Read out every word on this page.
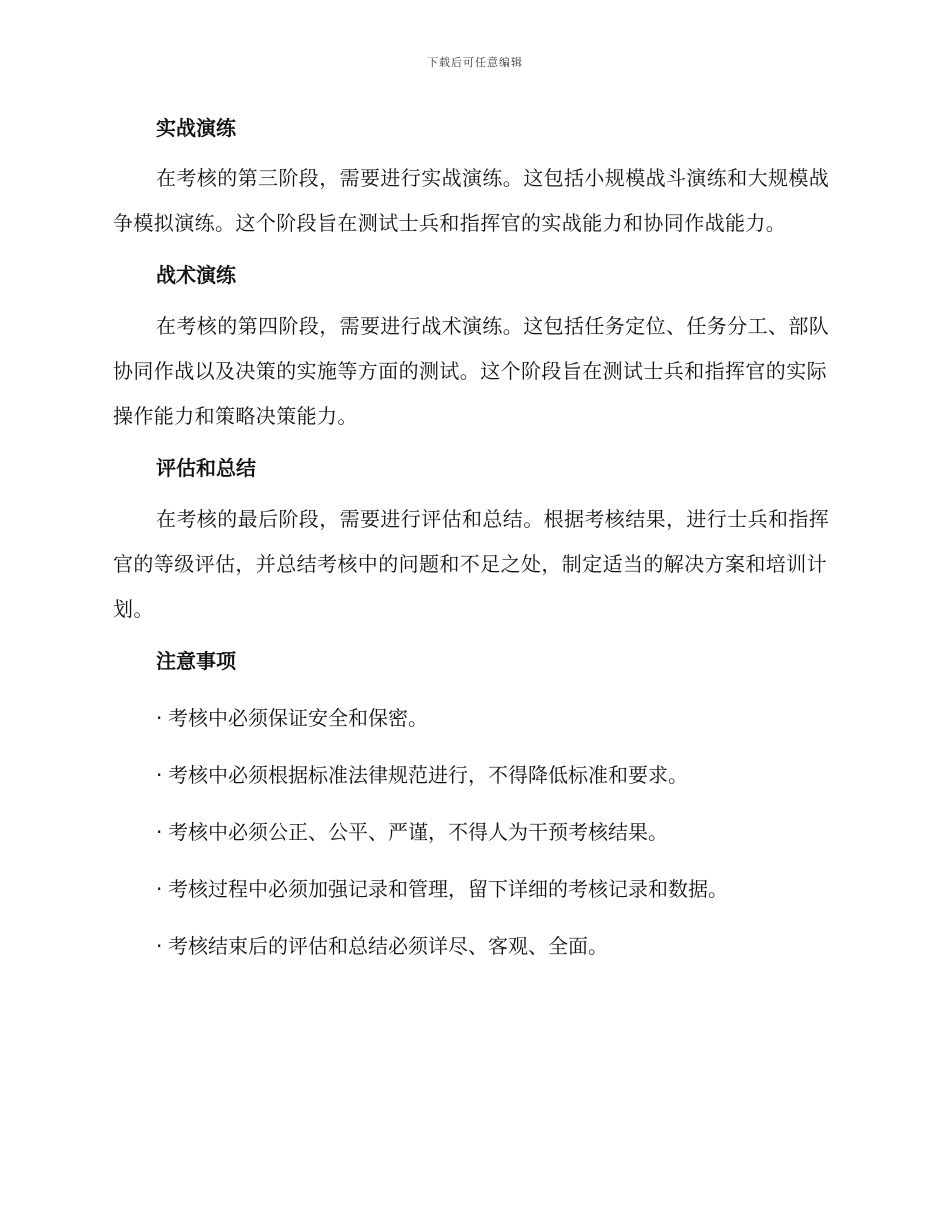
下载后可任意编辑
实战演练

在考核的第三阶段，需要进行实战演练。这包括小规模战斗演练和大规模战争模拟演练。这个阶段旨在测试士兵和指挥官的实战能力和协同作战能力。

战术演练

在考核的第四阶段，需要进行战术演练。这包括任务定位、任务分工、部队协同作战以及决策的实施等方面的测试。这个阶段旨在测试士兵和指挥官的实际操作能力和策略决策能力。

评估和总结

在考核的最后阶段，需要进行评估和总结。根据考核结果，进行士兵和指挥官的等级评估，并总结考核中的问题和不足之处，制定适当的解决方案和培训计划。

注意事项
· 考核中必须保证安全和保密。
· 考核中必须根据标准法律规范进行，不得降低标准和要求。
· 考核中必须公正、公平、严谨，不得人为干预考核结果。
· 考核过程中必须加强记录和管理，留下详细的考核记录和数据。
· 考核结束后的评估和总结必须详尽、客观、全面。
